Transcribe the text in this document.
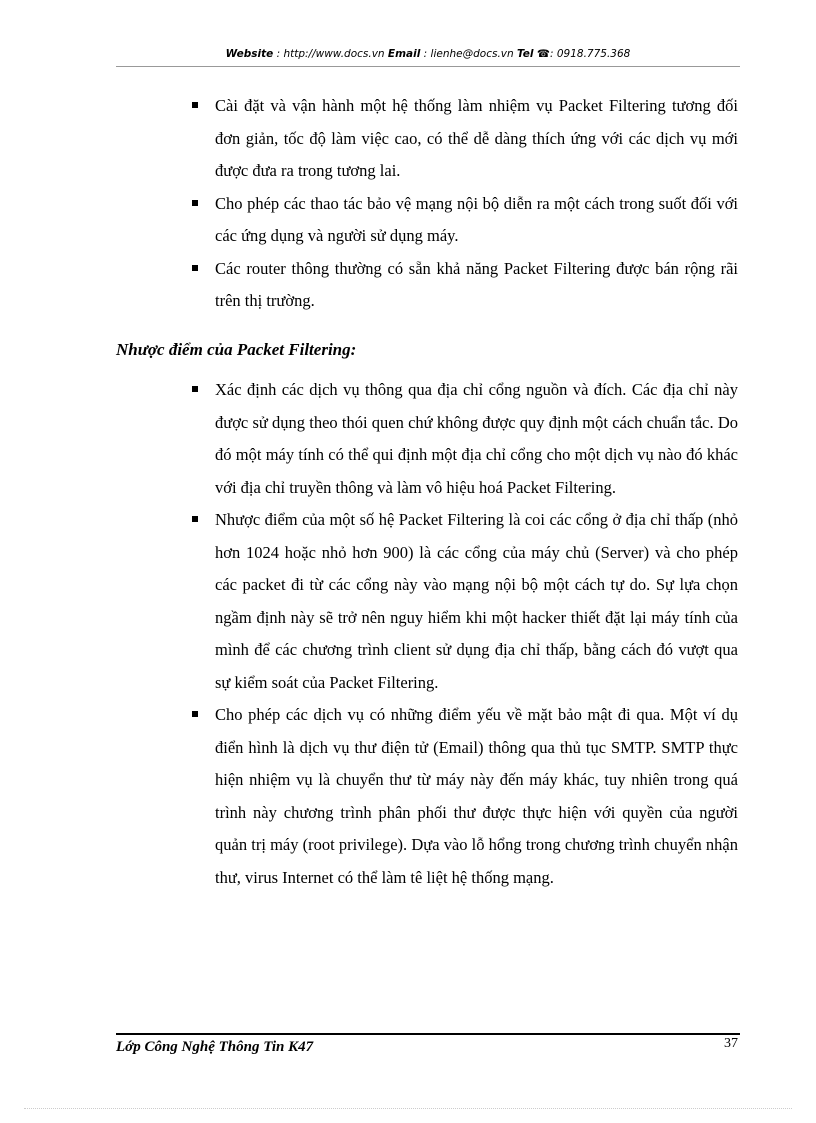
Website : http://www.docs.vn Email : lienhe@docs.vn Tel ☎: 0918.775.368
Cài đặt và vận hành một hệ thống làm nhiệm vụ Packet Filtering tương đối đơn giản, tốc độ làm việc cao, có thể dễ dàng thích ứng với các dịch vụ mới được đưa ra trong tương lai.
Cho phép các thao tác bảo vệ mạng nội bộ diễn ra một cách trong suốt đối với các ứng dụng và người sử dụng máy.
Các router thông thường có sẵn khả năng Packet Filtering được bán rộng rãi trên thị trường.
Nhược điểm của Packet Filtering:
Xác định các dịch vụ thông qua địa chỉ cổng nguồn và đích. Các địa chỉ này được sử dụng theo thói quen chứ không được quy định một cách chuẩn tắc. Do đó một máy tính có thể qui định một địa chỉ cổng cho một dịch vụ nào đó khác với địa chỉ truyền thông và làm vô hiệu hoá Packet Filtering.
Nhược điểm của một số hệ Packet Filtering là coi các cổng ở địa chỉ thấp (nhỏ hơn 1024 hoặc nhỏ hơn 900) là các cổng của máy chủ (Server) và cho phép các packet đi từ các cổng này vào mạng nội bộ một cách tự do. Sự lựa chọn ngầm định này sẽ trở nên nguy hiểm khi một hacker thiết đặt lại máy tính của mình để các chương trình client sử dụng địa chỉ thấp, bằng cách đó vượt qua sự kiểm soát của Packet Filtering.
Cho phép các dịch vụ có những điểm yếu về mặt bảo mật đi qua. Một ví dụ điển hình là dịch vụ thư điện tử (Email) thông qua thủ tục SMTP. SMTP thực hiện nhiệm vụ là chuyển thư từ máy này đến máy khác, tuy nhiên trong quá trình này chương trình phân phối thư được thực hiện với quyền của người quản trị máy (root privilege). Dựa vào lỗ hổng trong chương trình chuyển nhận thư, virus Internet có thể làm tê liệt hệ thống mạng.
Lớp Công Nghệ Thông Tin K47	37
